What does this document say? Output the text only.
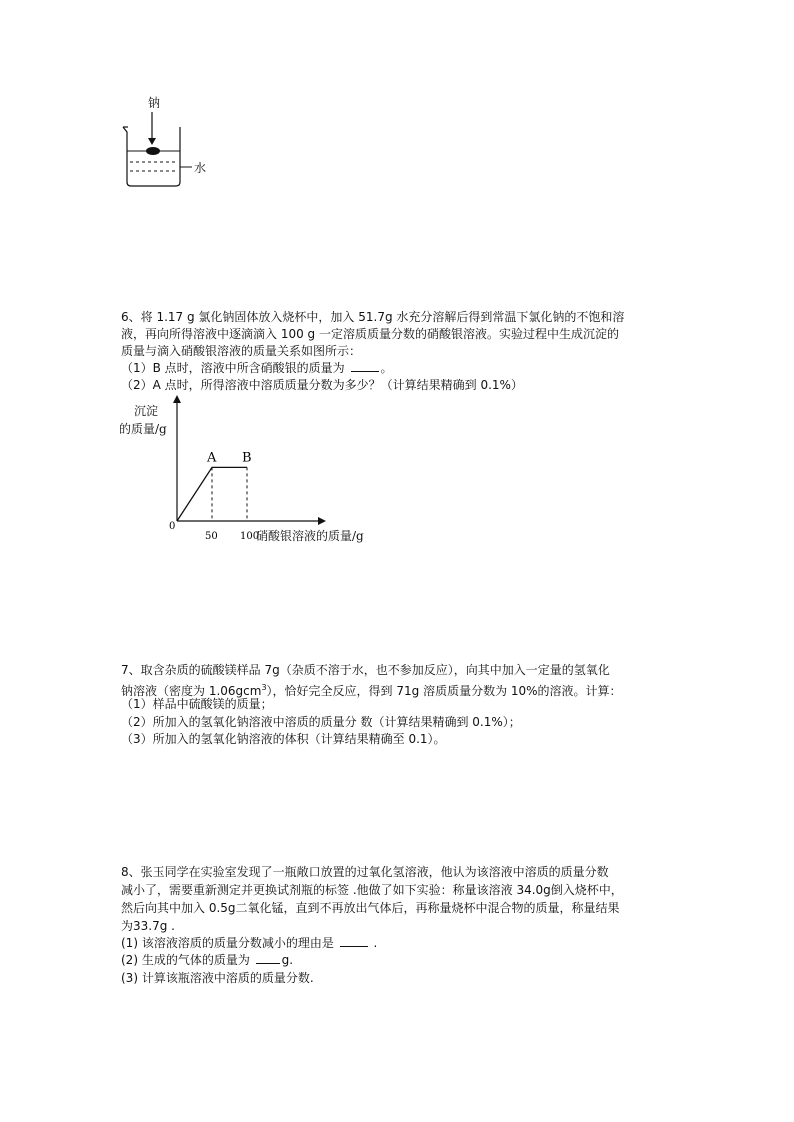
钠
水
6、将 1.17 g 氯化钠固体放入烧杯中，加入 51.7g 水充分溶解后得到常温下氯化钠的不饱和溶
液，再向所得溶液中逐滴滴入 100 g 一定溶质质量分数的硝酸银溶液。实验过程中生成沉淀的
质量与滴入硝酸银溶液的质量关系如图所示：
（1）B 点时，溶液中所含硝酸银的质量为	。
（2）A 点时，所得溶液中溶质质量分数为多少？（计算结果精确到 0.1%）
沉淀
的质量/g
A B
0
50 100
硝酸银溶液的质量/g
7、取含杂质的硫酸镁样品 7g（杂质不溶于水，也不参加反应），向其中加入一定量的氢氧化
钠溶液（密度为 1.06gcm$^3$），恰好完全反应，得到 71g 溶质质量分数为 10%的溶液。计算：
（1）样品中硫酸镁的质量；
（2）所加入的氢氧化钠溶液中溶质的质量分 数（计算结果精确到 0.1%）；
（3）所加入的氢氧化钠溶液的体积（计算结果精确至 0.1）。
8、张玉同学在实验室发现了一瓶敞口放置的过氧化氢溶液，他认为该溶液中溶质的质量分数
减小了，需要重新测定并更换试剂瓶的标签 .他做了如下实验：称量该溶液 34.0g倒入烧杯中，
然后向其中加入 0.5g二氧化锰，直到不再放出气体后，再称量烧杯中混合物的质量，称量结果
为33.7g .
(1) 该溶液溶质的质量分数减小的理由是	.
(2) 生成的气体的质量为 g.
(3) 计算该瓶溶液中溶质的质量分数.
